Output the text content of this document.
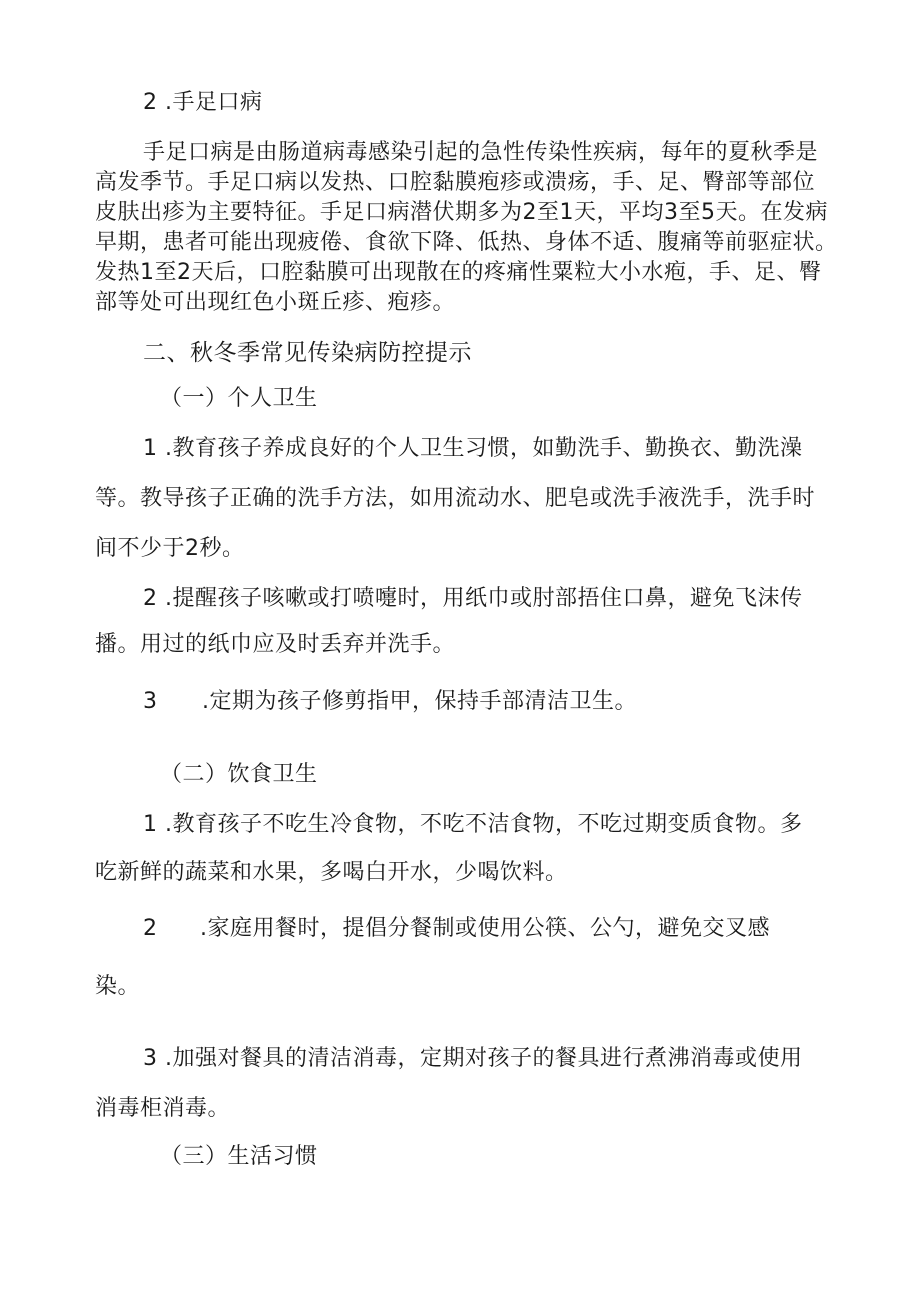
2 .手足口病
手足口病是由肠道病毒感染引起的急性传染性疾病，每年的夏秋季是
高发季节。手足口病以发热、口腔黏膜疱疹或溃疡，手、足、臀部等部位
皮肤出疹为主要特征。手足口病潜伏期多为2至1天，平均3至5天。在发病
早期，患者可能出现疲倦、食欲下降、低热、身体不适、腹痛等前驱症状。
发热1至2天后，口腔黏膜可出现散在的疼痛性粟粒大小水疱，手、足、臀
部等处可出现红色小斑丘疹、疱疹。
二、秋冬季常见传染病防控提示
（一）个人卫生
1 .教育孩子养成良好的个人卫生习惯，如勤洗手、勤换衣、勤洗澡
等。教导孩子正确的洗手方法，如用流动水、肥皂或洗手液洗手，洗手时
间不少于2秒。
2 .提醒孩子咳嗽或打喷嚏时，用纸巾或肘部捂住口鼻，避免飞沫传
播。用过的纸巾应及时丢弃并洗手。
3 .定期为孩子修剪指甲，保持手部清洁卫生。
（二）饮食卫生
1 .教育孩子不吃生冷食物，不吃不洁食物，不吃过期变质食物。多
吃新鲜的蔬菜和水果，多喝白开水，少喝饮料。
2 .家庭用餐时，提倡分餐制或使用公筷、公勺，避免交叉感
染。
3 .加强对餐具的清洁消毒，定期对孩子的餐具进行煮沸消毒或使用
消毒柜消毒。
（三）生活习惯
